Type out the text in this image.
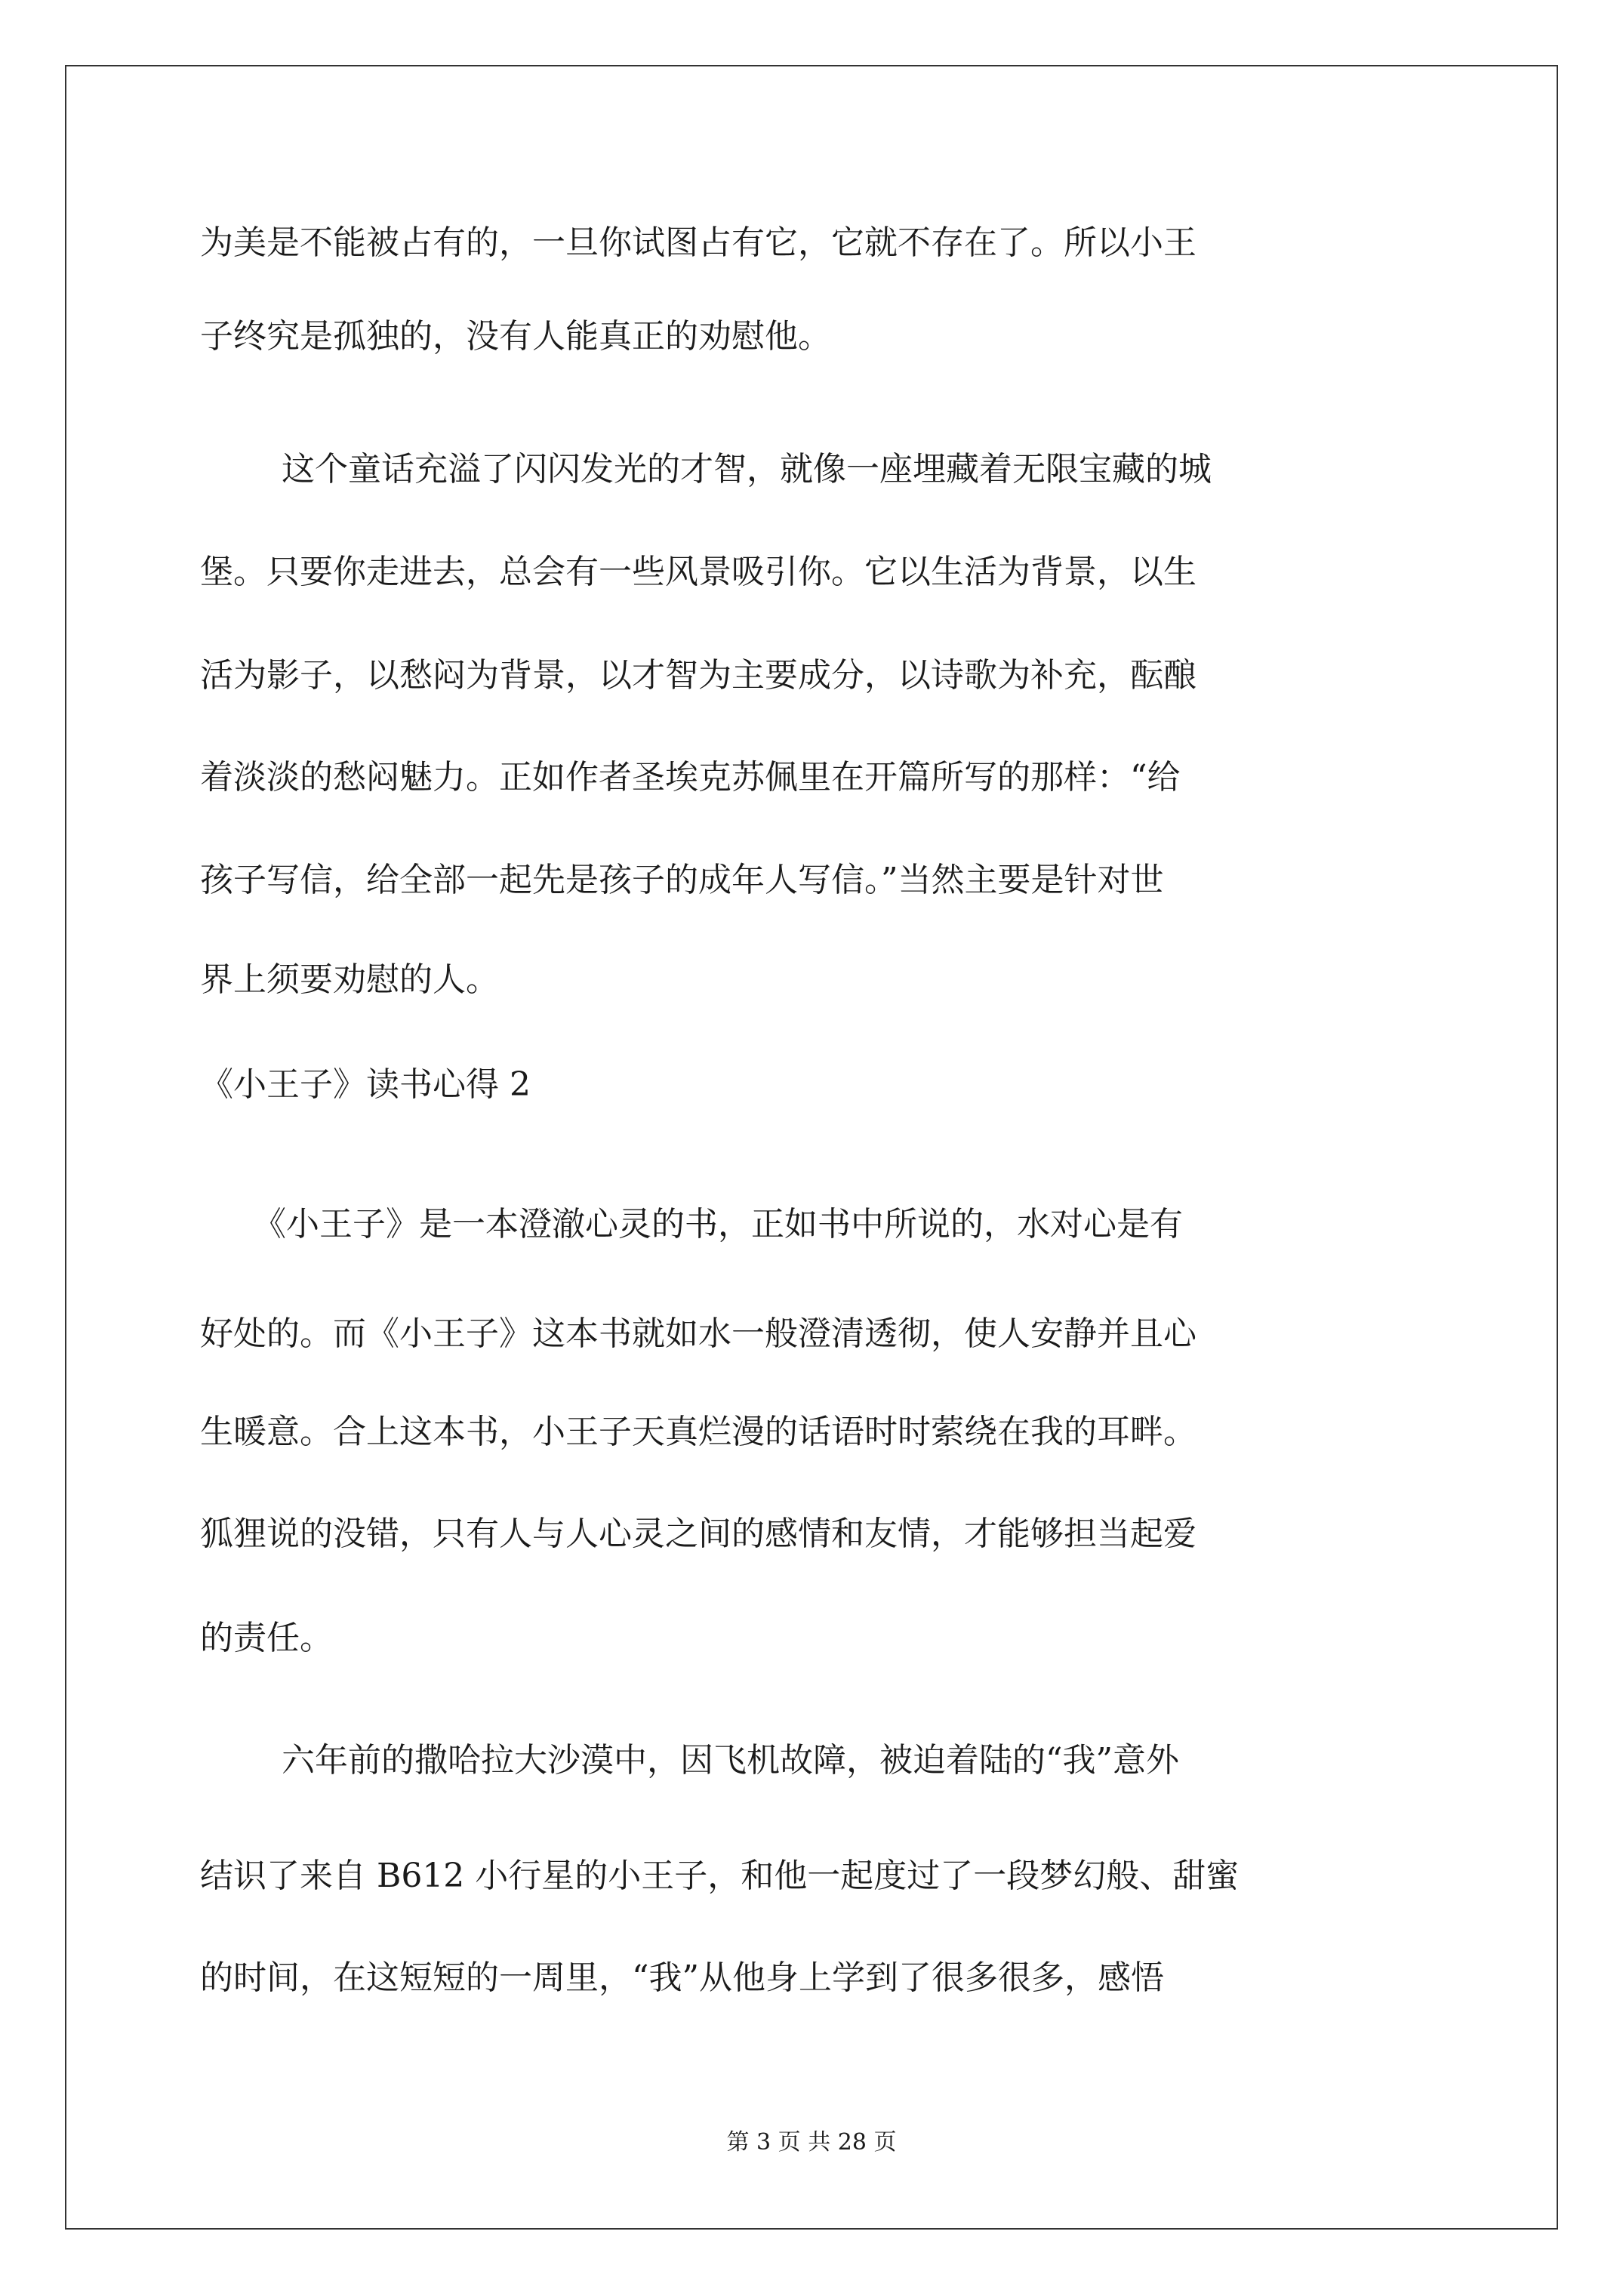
为美是不能被占有的，一旦你试图占有它，它就不存在了。所以小王
子终究是孤独的，没有人能真正的劝慰他。
这个童话充溢了闪闪发光的才智，就像一座埋藏着无限宝藏的城
堡。只要你走进去，总会有一些风景吸引你。它以生活为背景，以生
活为影子，以愁闷为背景，以才智为主要成分，以诗歌为补充，酝酿
着淡淡的愁闷魅力。正如作者圣埃克苏佩里在开篇所写的那样：“给
孩子写信，给全部一起先是孩子的成年人写信。”当然主要是针对世
界上须要劝慰的人。
《小王子》读书心得 2
《小王子》是一本澄澈心灵的书，正如书中所说的，水对心是有
好处的。而《小王子》这本书就如水一般澄清透彻，使人安静并且心
生暖意。合上这本书，小王子天真烂漫的话语时时萦绕在我的耳畔。
狐狸说的没错，只有人与人心灵之间的感情和友情，才能够担当起爱
的责任。
六年前的撒哈拉大沙漠中，因飞机故障，被迫着陆的“我”意外
结识了来自 B612 小行星的小王子，和他一起度过了一段梦幻般、甜蜜
的时间，在这短短的一周里，“我”从他身上学到了很多很多，感悟
第 3 页 共 28 页
